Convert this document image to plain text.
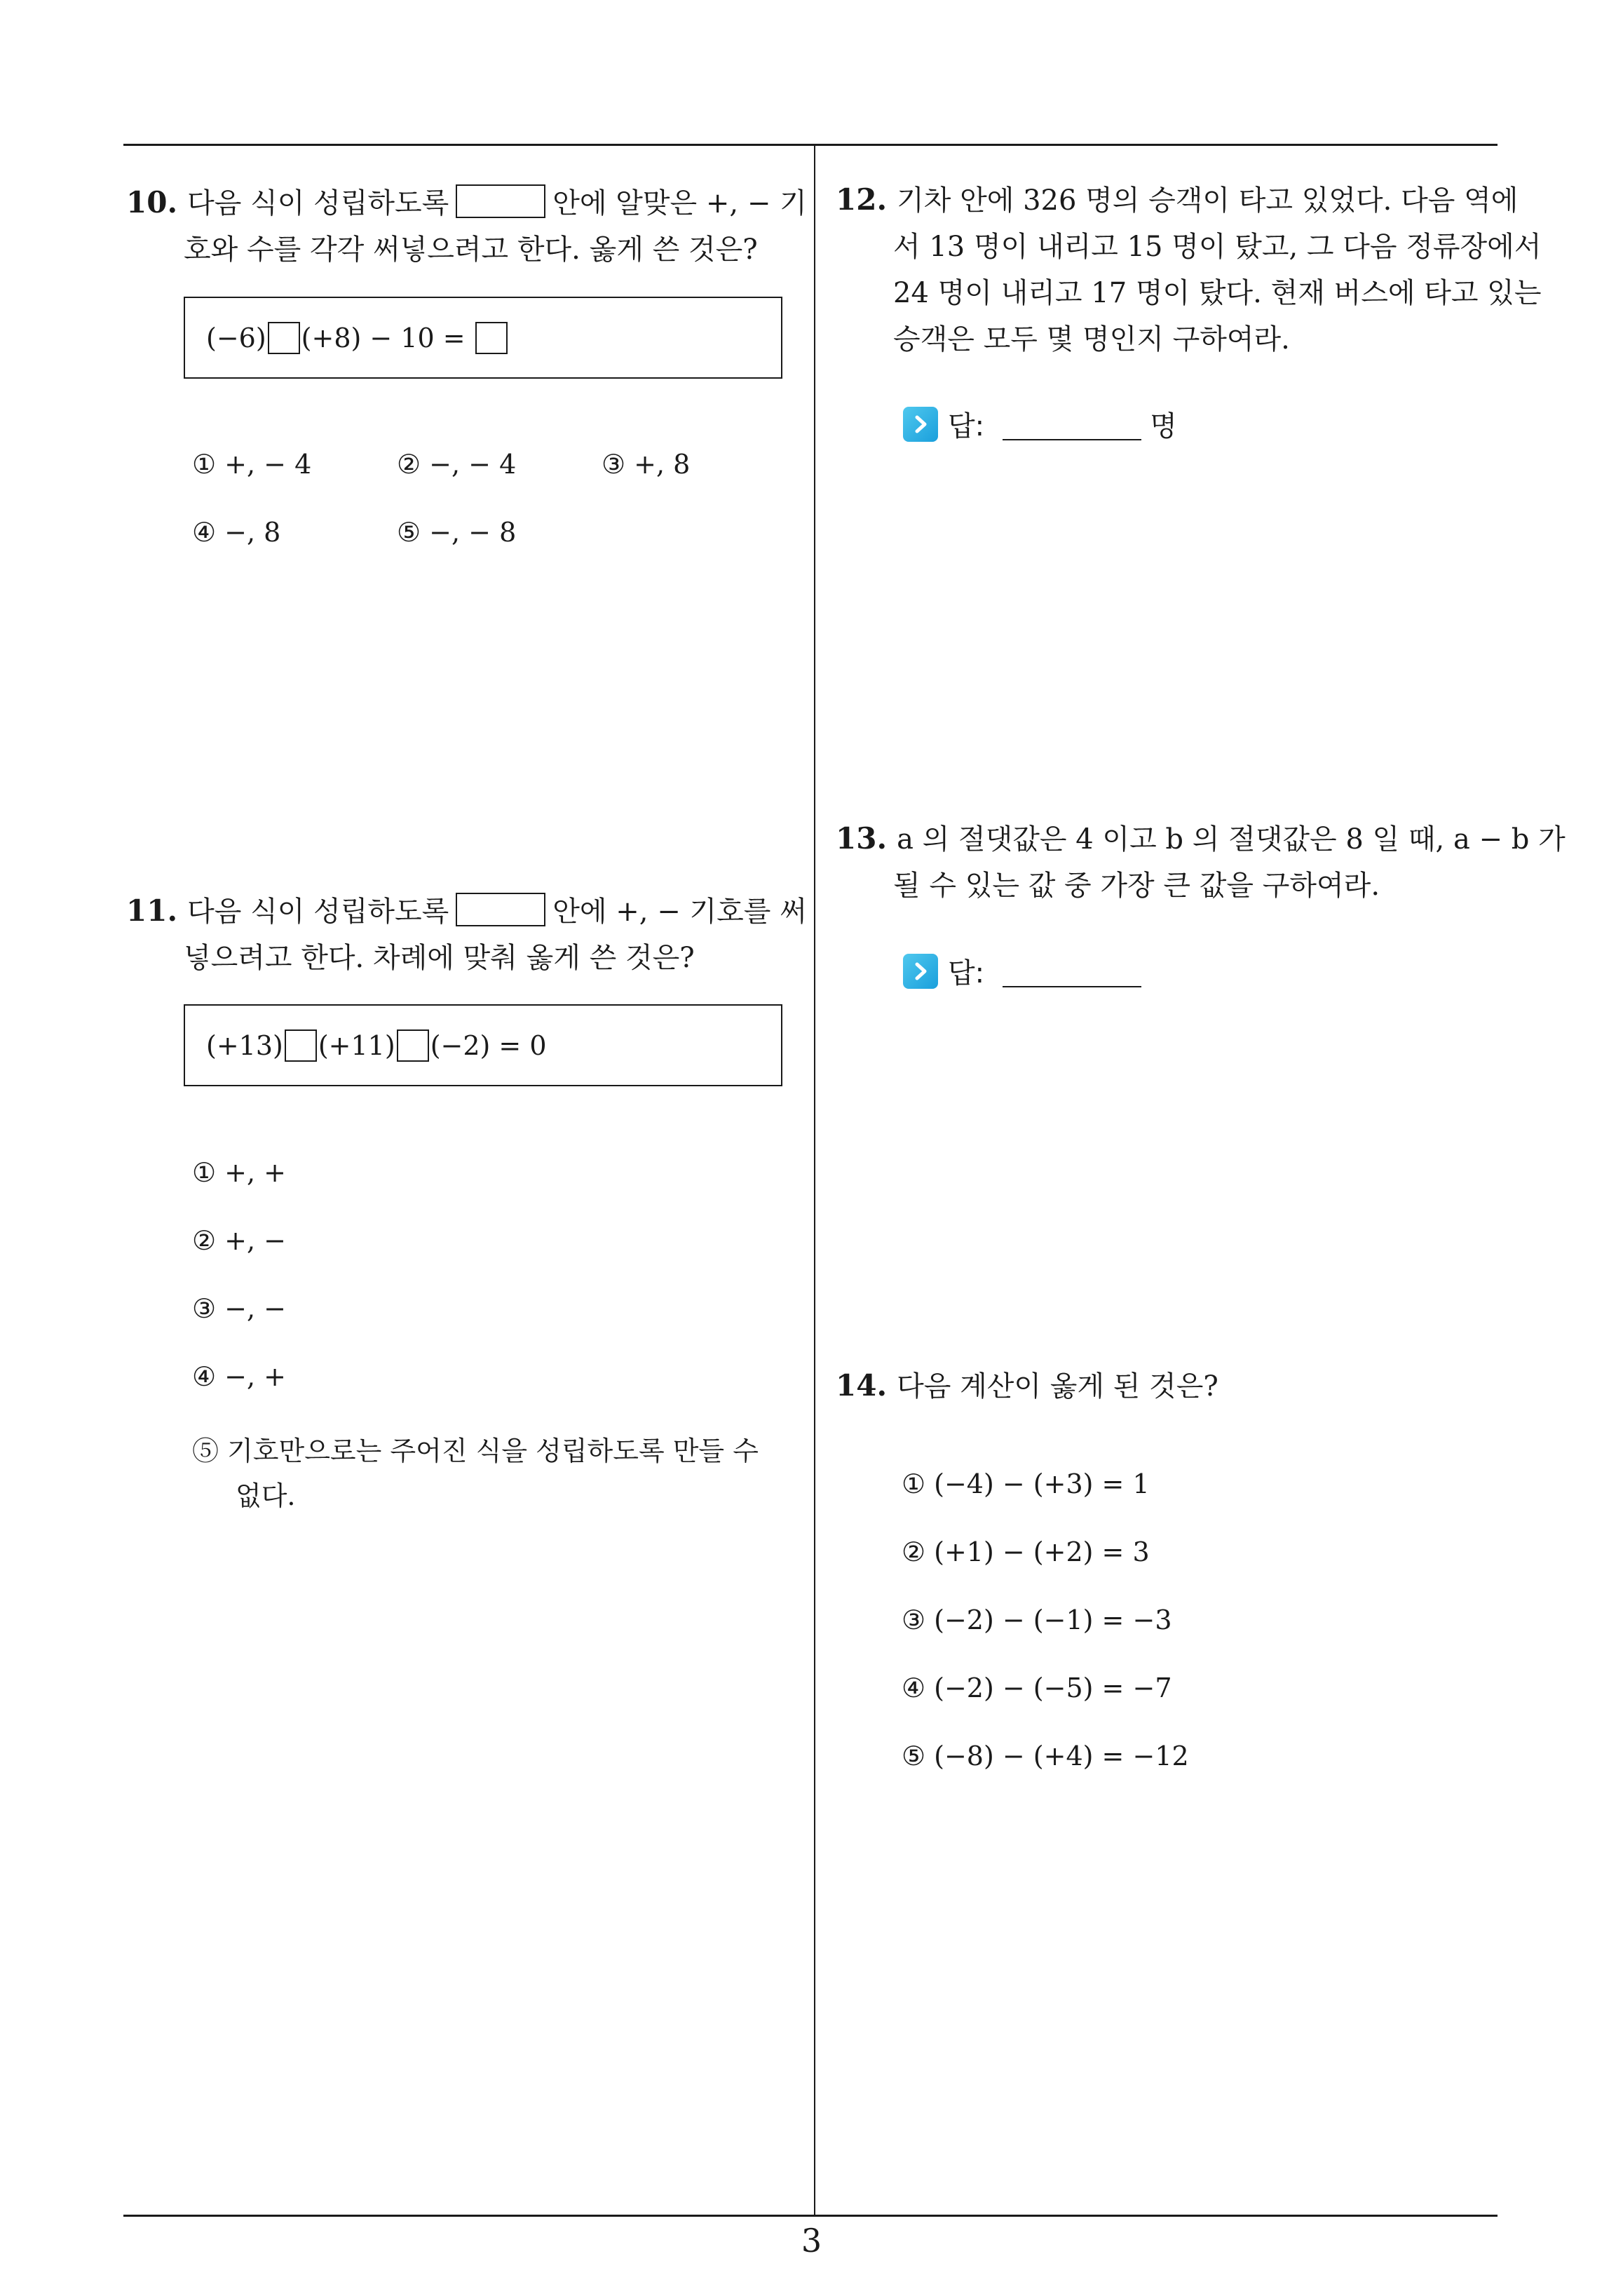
10. 다음 식이 성립하도록	안에 알맞은 +, − 기
호와 수를 각각 써넣으려고 한다. 옳게 쓴 것은?
(−6) (+8) − 10 =

① +, − 4	② −, − 4	③ +, 8
④ −, 8	⑤ −, − 8
11. 다음 식이 성립하도록	안에 +, − 기호를 써
넣으려고 한다. 차례에 맞춰 옳게 쓴 것은?
(+13) (+11) (−2) = 0
① +, +
② +, −
③ −, −
④ −, +
⑤ 기호만으로는 주어진 식을 성립하도록 만들 수
없다.
12. 기차 안에 326 명의 승객이 타고 있었다. 다음 역에
서 13 명이 내리고 15 명이 탔고, 그 다음 정류장에서
24 명이 내리고 17 명이 탔다. 현재 버스에 타고 있는
승객은 모두 몇 명인지 구하여라.
답:	명
13. a 의 절댓값은 4 이고 b 의 절댓값은 8 일 때, a − b 가
될 수 있는 값 중 가장 큰 값을 구하여라.
답:
14. 다음 계산이 옳게 된 것은?
① (−4) − (+3) = 1
② (+1) − (+2) = 3
③ (−2) − (−1) = −3
④ (−2) − (−5) = −7
⑤ (−8) − (+4) = −12
3
